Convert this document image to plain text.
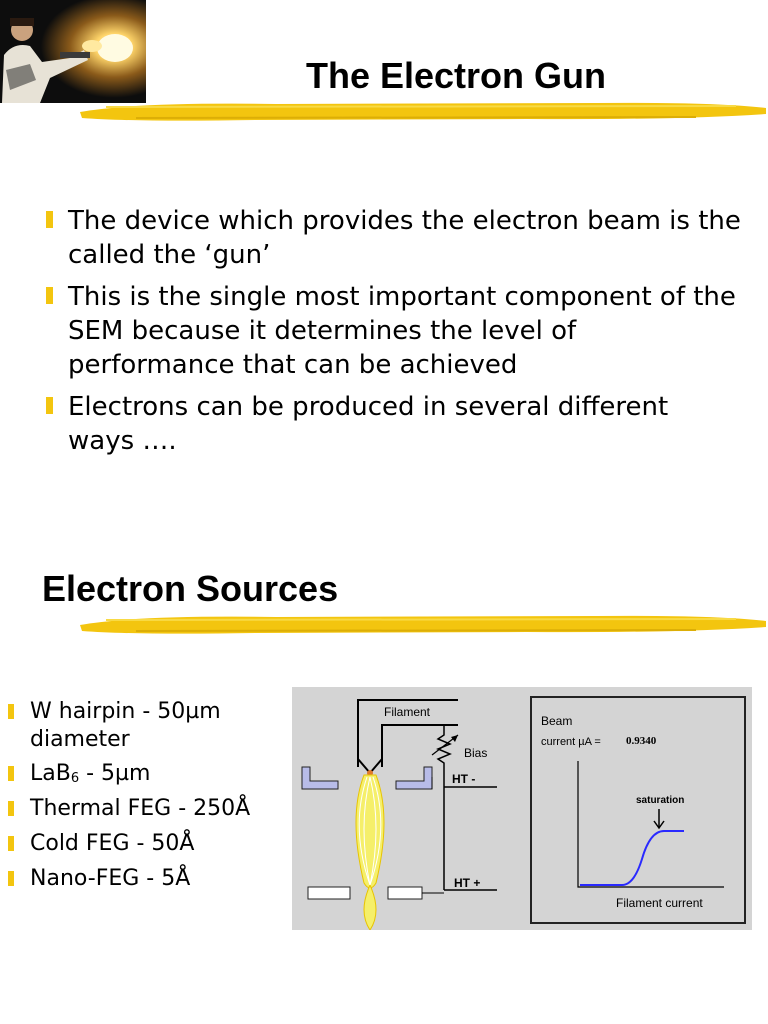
The Electron Gun
The device which provides the electron beam is the called the ‘gun’
This is the single most important component of the SEM because it determines the level of performance that can be achieved
Electrons can be produced in several different ways ….
Electron Sources
W hairpin - 50µm diameter
LaB$_6$ - 5µm
Thermal FEG - 250Å
Cold FEG - 50Å
Nano-FEG - 5Å
Filament
Bias
HT -
HT +
Beam
current µA = 0.9340
saturation
Filament current
